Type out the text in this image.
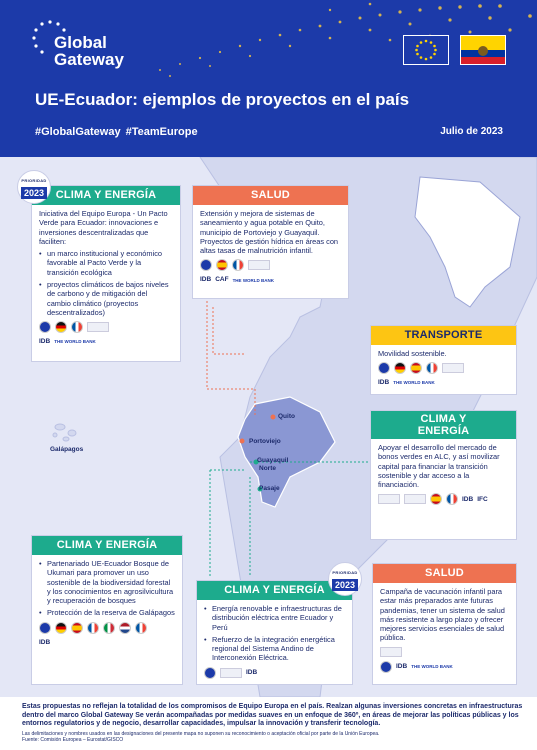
Global
Gateway
UE-Ecuador: ejemplos de proyectos en el país
#GlobalGateway #TeamEurope	Julio de 2023
Quito
Portoviejo
Guayaquil
Norte
Pasaje
Galápagos
CLIMA Y ENERGÍA
Iniciativa del Equipo Europa - Un Pacto Verde para Ecuador: innovaciones e inversiones descentralizadas que faciliten:
• un marco institucional y económico favorable al Pacto Verde y la transición ecológica
• proyectos climáticos de bajos niveles de carbono y de mitigación del cambio climático (proyectos descentralizados)
IDB THE WORLD BANK
PRIORIDAD
2023	SALUD
Extensión y mejora de sistemas de saneamiento y agua potable en Quito, municipio de Portoviejo y Guayaquil. Proyectos de gestión hídrica en áreas con altas tasas de malnutrición infantil.
IDB CAF THE WORLD BANK
TRANSPORTE
Movilidad sostenible.
IDB THE WORLD BANK
CLIMA Y
ENERGÍA
Apoyar el desarrollo del mercado de bonos verdes en ALC, y así movilizar capital para financiar la transición sostenible y dar acceso a la financiación.
IDB IFC
CLIMA Y ENERGÍA
• Partenariado UE-Ecuador Bosque de Ukumari para promover un uso sostenible de la biodiversidad forestal y los conocimientos en agrosilvicultura y recuperación de bosques
• Protección de la reserva de Galápagos
IDB
CLIMA Y ENERGÍA
• Energía renovable e infraestructuras de distribución eléctrica entre Ecuador y Perú
• Refuerzo de la integración energética regional del Sistema Andino de Interconexión Eléctrica.
IDB
SALUD
Campaña de vacunación infantil para estar más preparados ante futuras pandemias, tener un sistema de salud más resistente a largo plazo y ofrecer mejores servicios esenciales de salud pública.
IDB THE WORLD BANK
PRIORIDAD
2023
Estas propuestas no reflejan la totalidad de los compromisos de Equipo Europa en el país. Realzan algunas inversiones concretas en infraestructuras dentro del marco Global Gateway Se verán acompañadas por medidas suaves en un enfoque de 360º, en áreas de mejorar las políticas públicas y los entornos regulatorios y de negocio, desarrollar capacidades, impulsar la innovación y transferir tecnología.
Las delimitaciones y nombres usados en las designaciones del presente mapa no suponen su reconocimiento o aceptación oficial por parte de la Unión Europea.
Fuente: Comisión Europea – Eurostat/GISCO
